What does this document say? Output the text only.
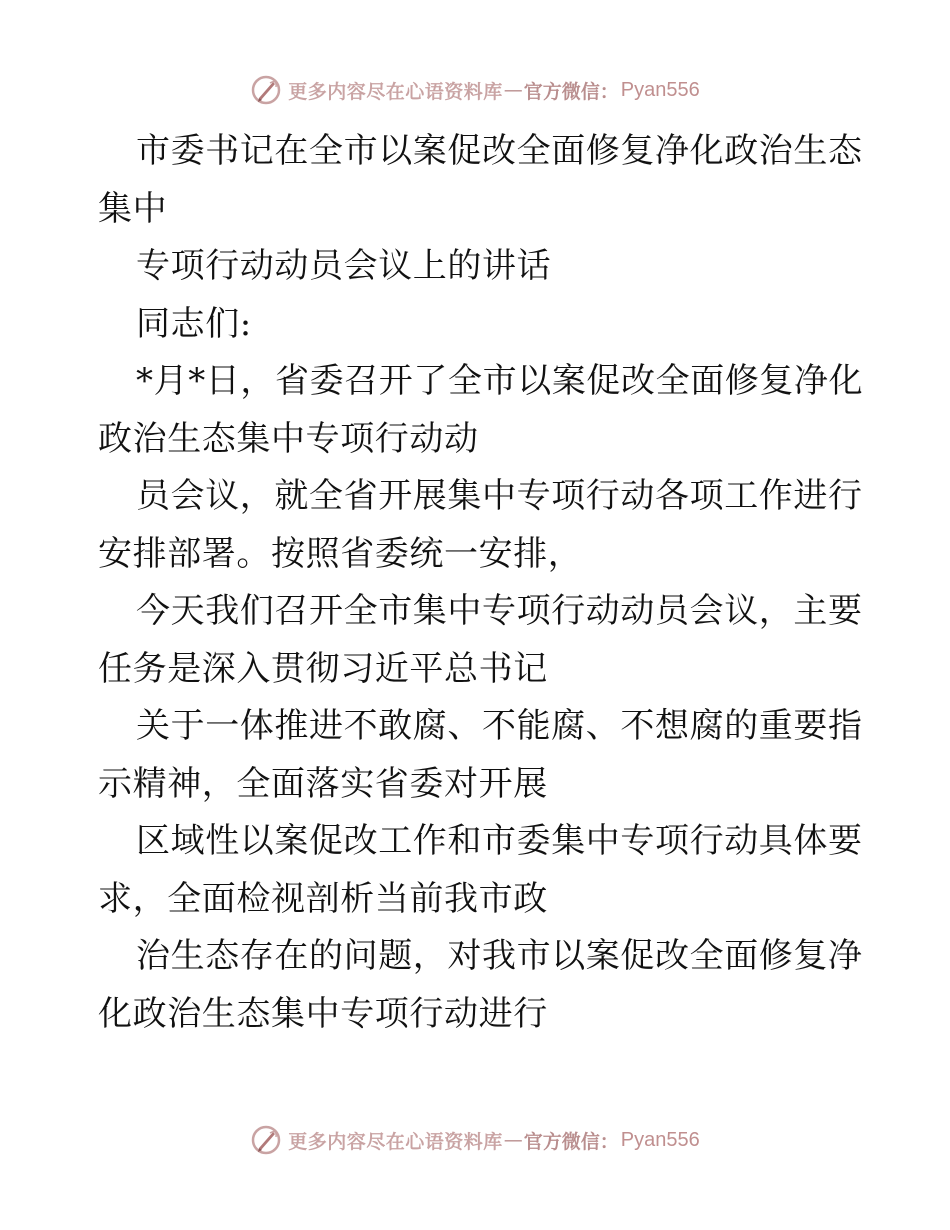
更多内容尽在心语资料库 — 官方微信： Pyan556
市委书记在全市以案促改全面修复净化政治生态
集中
专项行动动员会议上的讲话
同志们:
*月*日，省委召开了全市以案促改全面修复净化
政治生态集中专项行动动
员会议，就全省开展集中专项行动各项工作进行
安排部署。按照省委统一安排，
今天我们召开全市集中专项行动动员会议，主要
任务是深入贯彻习近平总书记
关于一体推进不敢腐、不能腐、不想腐的重要指
示精神，全面落实省委对开展
区域性以案促改工作和市委集中专项行动具体要
求，全面检视剖析当前我市政
治生态存在的问题，对我市以案促改全面修复净
化政治生态集中专项行动进行
更多内容尽在心语资料库 — 官方微信： Pyan556
